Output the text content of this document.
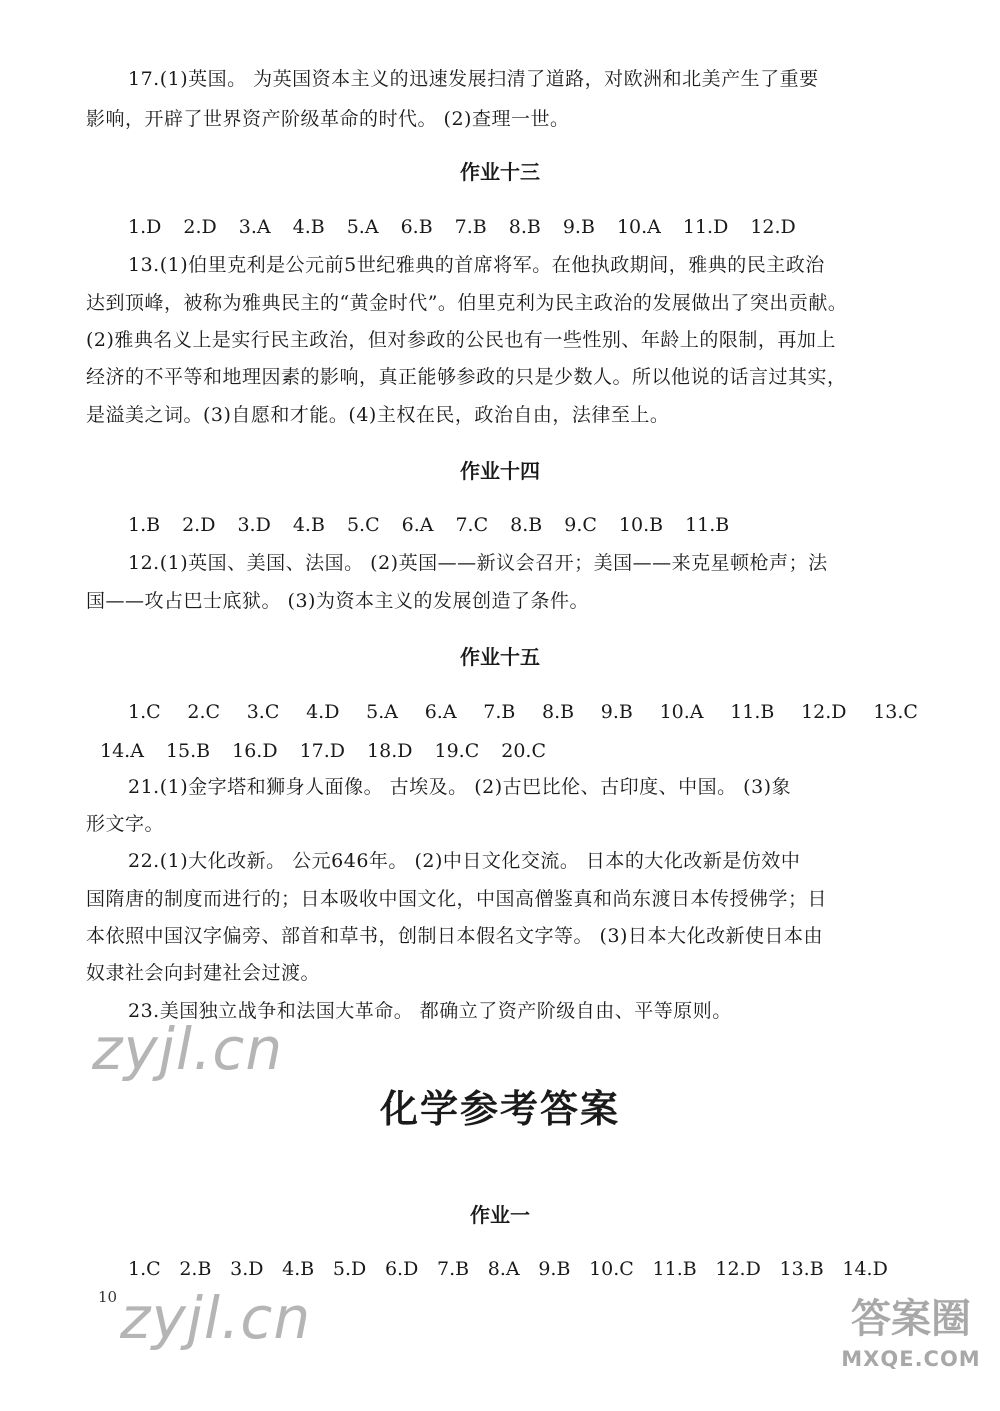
17.(1)英国。 为英国资本主义的迅速发展扫清了道路，对欧洲和北美产生了重要
影响，开辟了世界资产阶级革命的时代。 (2)查理一世。
作业十三
1.D 2.D 3.A 4.B 5.A 6.B 7.B 8.B 9.B 10.A 11.D 12.D
13.(1)伯里克利是公元前5世纪雅典的首席将军。在他执政期间，雅典的民主政治
达到顶峰，被称为雅典民主的“黄金时代”。伯里克利为民主政治的发展做出了突出贡献。
(2)雅典名义上是实行民主政治，但对参政的公民也有一些性别、年龄上的限制，再加上
经济的不平等和地理因素的影响，真正能够参政的只是少数人。所以他说的话言过其实，
是溢美之词。(3)自愿和才能。(4)主权在民，政治自由，法律至上。
作业十四
1.B 2.D 3.D 4.B 5.C 6.A 7.C 8.B 9.C 10.B 11.B
12.(1)英国、美国、法国。 (2)英国——新议会召开；美国——来克星顿枪声；法
国——攻占巴士底狱。 (3)为资本主义的发展创造了条件。
作业十五
1.C 2.C 3.C 4.D 5.A 6.A 7.B 8.B 9.B 10.A 11.B 12.D 13.C
14.A 15.B 16.D 17.D 18.D 19.C 20.C
21.(1)金字塔和狮身人面像。 古埃及。 (2)古巴比伦、古印度、中国。 (3)象
形文字。
22.(1)大化改新。 公元646年。 (2)中日文化交流。 日本的大化改新是仿效中
国隋唐的制度而进行的；日本吸收中国文化，中国高僧鉴真和尚东渡日本传授佛学；日
本依照中国汉字偏旁、部首和草书，创制日本假名文字等。 (3)日本大化改新使日本由
奴隶社会向封建社会过渡。
23.美国独立战争和法国大革命。 都确立了资产阶级自由、平等原则。
zyjl.cn
化学参考答案
作业一
1.C 2.B 3.D 4.B 5.D 6.D 7.B 8.A 9.B 10.C 11.B 12.D 13.B 14.D
10 zyjl.cn	答案圈
MXQE.COM
